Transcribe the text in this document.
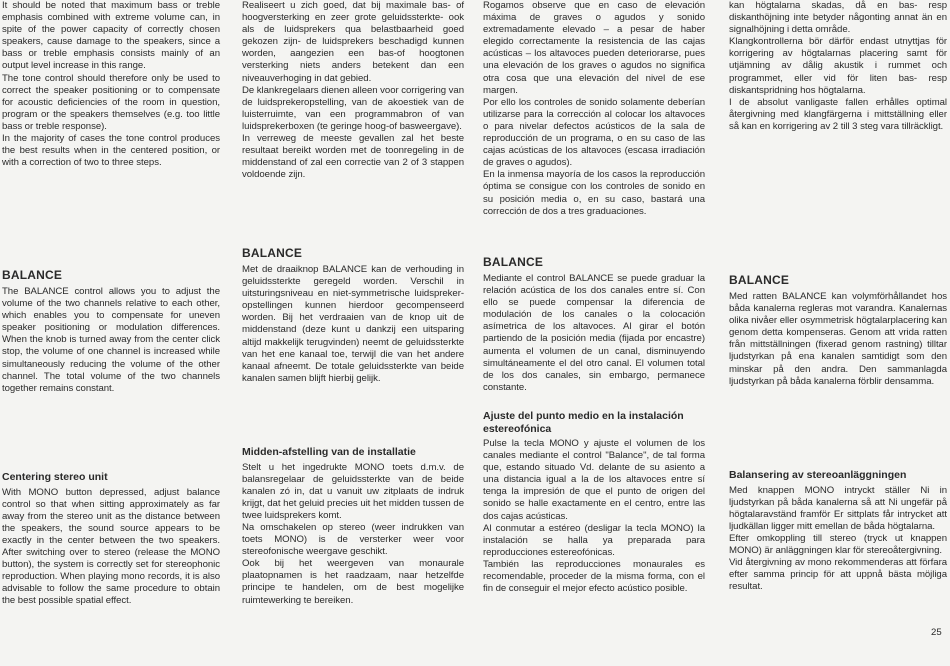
It should be noted that maximum bass or treble emphasis combined with extreme volume can, in spite of the power capacity of correctly chosen speakers, cause damage to the speakers, since a bass or treble emphasis consists mainly of an output level increase in this range.

The tone control should therefore only be used to correct the speaker positioning or to compensate for acoustic deficiencies of the room in question, program or the speakers themselves (e.g. too little bass or treble response).

In the majority of cases the tone control produces the best results when in the centered position, or with a correction of two to three steps.

BALANCE

The BALANCE control allows you to adjust the volume of the two channels relative to each other, which enables you to compensate for uneven speaker positioning or modulation differences. When the knob is turned away from the center click stop, the volume of one channel is increased while simultaneously reducing the volume of the other channel. The total volume of the two channels together remains constant.

Centering stereo unit

With MONO button depressed, adjust balance control so that when sitting approximately as far away from the stereo unit as the distance between the speakers, the sound source appears to be exactly in the center between the two speakers. After switching over to stereo (release the MONO button), the system is correctly set for stereophonic reproduction. When playing mono records, it is also advisable to follow the same procedure to obtain the best possible spatial effect.

Realiseert u zich goed, dat bij maximale bas- of hoogversterking en zeer grote geluidssterkte- ook als de luidsprekers qua belastbaarheid goed gekozen zijn- de luidsprekers beschadigd kunnen worden, aangezien een bas-of hoogtonen versterking niets anders betekent dan een niveauverhoging in dat gebied.

De klankregelaars dienen alleen voor corrigering van de luidsprekeropstelling, van de akoestiek van de luisterruimte, van een programmabron of van luidsprekerboxen (te geringe hoog-of basweergave).

In verreweg de meeste gevallen zal het beste resultaat bereikt worden met de toonregeling in de middenstand of zal een correctie van 2 of 3 stappen voldoende zijn.

BALANCE

Met de draaiknop BALANCE kan de verhouding in geluidssterkte geregeld worden. Verschil in uitsturingsniveau en niet-symmetrische luidspreker-opstellingen kunnen hierdoor gecompenseerd worden. Bij het verdraaien van de knop uit de middenstand (deze kunt u dankzij een uitsparing altijd makkelijk terugvinden) neemt de geluidssterkte van het ene kanaal toe, terwijl die van het andere kanaal afneemt. De totale geluidssterkte van beide kanalen samen blijft hierbij gelijk.

Midden-afstelling van de installatie

Stelt u het ingedrukte MONO toets d.m.v. de balansregelaar de geluidssterkte van de beide kanalen zó in, dat u vanuit uw zitplaats de indruk krijgt, dat het geluid precies uit het midden tussen de twee luidsprekers komt.

Na omschakelen op stereo (weer indrukken van toets MONO) is de versterker weer voor stereofonische weergave geschikt.

Ook bij het weergeven van monaurale plaatopnamen is het raadzaam, naar hetzelfde principe te handelen, om de best mogelijke ruimtewerking te bereiken.

Rogamos observe que en caso de elevación máxima de graves o agudos y sonido extremadamente elevado – a pesar de haber elegido correctamente la resistencia de las cajas acústicas – los altavoces pueden deteriorarse, pues una elevación de los graves o agudos no significa otra cosa que una elevación del nivel de ese margen.

Por ello los controles de sonido solamente deberían utilizarse para la corrección al colocar los altavoces o para nivelar defectos acústicos de la sala de reproducción de un programa, o en su caso de las cajas acústicas de los altavoces (escasa irradiación de graves o agudos).

En la inmensa mayoría de los casos la reproducción óptima se consigue con los controles de sonido en su posición media o, en su caso, bastará una corrección de dos a tres graduaciones.

BALANCE

Mediante el control BALANCE se puede graduar la relación acústica de los dos canales entre sí. Con ello se puede compensar la diferencia de modulación de los canales o la colocación asímetrica de los altavoces. Al girar el botón partiendo de la posición media (fijada por encastre) aumenta el volumen de un canal, disminuyendo simultáneamente el del otro canal. El volumen total de los dos canales, sin embargo, permanece constante.

Ajuste del punto medio en la instalación estereofónica

Pulse la tecla MONO y ajuste el volumen de los canales mediante el control "Balance", de tal forma que, estando situado Vd. delante de su asiento a una distancia igual a la de los altavoces entre sí tenga la impresión de que el punto de origen del sonido se halle exactamente en el centro, entre las dos cajas acústicas.

Al conmutar a estéreo (desligar la tecla MONO) la instalación se halla ya preparada para reproducciones estereofónicas.

También las reproducciones monaurales es recomendable, proceder de la misma forma, con el fin de conseguir el mejor efecto acústico posible.

kan högtalarna skadas, då en bas- resp diskanthöjning inte betyder någonting annat än en signalhöjning i detta område.

Klangkontrollerna bör därför endast utnyttjas för korrigering av högtalarnas placering samt för utjämning av dålig akustik i rummet och programmet, eller vid för liten bas- resp diskantspridning hos högtalarna.

I de absolut vanligaste fallen erhålles optimal återgivning med klangfärgerna i mittställning eller så kan en korrigering av 2 till 3 steg vara tillräckligt.

BALANCE

Med ratten BALANCE kan volymförhållandet hos båda kanalerna regleras mot varandra. Kanalernas olika nivåer eller osymmetrisk högtalarplacering kan genom detta kompenseras. Genom att vrida ratten från mittställningen (fixerad genom rastning) tilltar ljudstyrkan på ena kanalen samtidigt som den minskar på den andra. Den sammanlagda ljudstyrkan på båda kanalerna förblir densamma.

Balansering av stereoanläggningen

Med knappen MONO intryckt ställer Ni in ljudstyrkan på båda kanalerna så att Ni ungefär på högtalaravständ framför Er sittplats får intrycket att ljudkällan ligger mitt emellan de båda högtalarna.

Efter omkoppling till stereo (tryck ut knappen MONO) är anläggningen klar för stereoåtergivning.

Vid återgivning av mono rekommenderas att förfara efter samma princip för att uppnå bästa möjliga resultat.

25
